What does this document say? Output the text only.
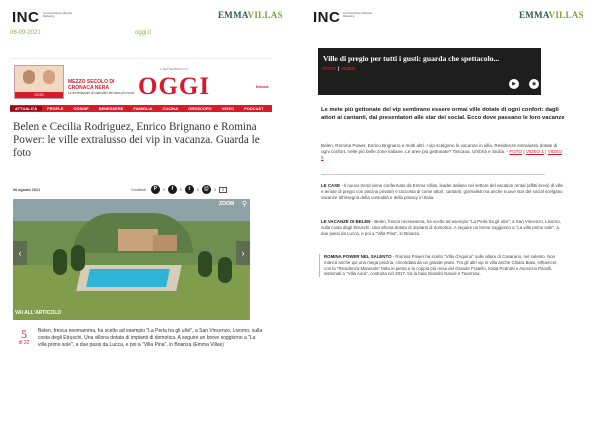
INC Comunicazione Influence Marketing	EMMAVILLAS
06-09-2021	oggi.it
OGGI
MEZZO SECOLO DI CRONACA NERA
Le archiviazioni di costruttivi del caso più nuovi
1 SETTEMBRE 2021
OGGI	Edicola
ATTUALITÀ	PEOPLE	GOSSIP	BENESSERE	FAMIGLIA	CUCINA	OROSCOPO	VIDEO	PODCAST
Belen e Cecilia Rodriguez, Enrico Brignano e Romina Power: le ville extralusso dei vip in vacanza. Guarda le foto
06 agosto 2021	Condividi	P	0	f	0	t	0	@	0	0
ZOOM ⚲
‹	›
VAI ALL'ARTICOLO
5
di 22
Belen, fresca neomamma, ha scelto ad esempio "La Perla tra gli ulivi", a San Vincenzo, Livorno, sulla costa degli Etruschi. Una villona dotata di impianti di domotica. A seguire un breve soggiorno a "La villa primo sole", a due passi da Lucca, e poi a "Villa Pina", in Brianza (Emma Villas)
INC Comunicazione Influence Marketing	EMMAVILLAS
Ville di pregio per tutti i gusti: guarda che spettacolo...
FOTO | VIDEO
▶	◉
Le mete più gettonate dei vip sembrano essere ormai ville dotate di ogni confort: dagli attori ai cantanti, dai presentatori alle star dei social. Ecco dove passano le loro vacanze
Belen, Romina Power, Enrico Brignano e molti altri. I vip scelgono le vacanze in villa. Residenze extralusso dotate di ogni confort, nelle più belle zone italiane. Le aree più gettonate? Toscana, Umbria e Sicilia. - FOTO | VIDEO 1 | VIDEO 2
LE CASE - Il nuovo trend viene confermato da Emma Villas, leader italiano nel settore del vacation rental (affitti brevi) di ville e tenute di pregio con piscina private) e racconta di come attori, cantanti, giornalisti ma anche nuove star del social scelgano vacanze all'insegna della comodità e della privacy in Italia.
LE VACANZE DI BELEN - Belen, fresca neomamma, ha scelto ad esempio "La Perla tra gli ulivi", a San Vincenzo, Livorno, sulla costa degli Etruschi. Una villona dotata di impianti di domotica. A seguire un breve soggiorno a "La villa primo sole", a due passi da Lucca, e poi a "Villa Pina", in Brianza.
ROMINA POWER NEL SALENTO - Romina Power ha scelto "Villa d'Aquino" sulle alture di Casarano, nel salento. Non manca anche qui una mega piscina, circondata da un grande prato. Tra gli altri vip in villa anche Chiara Biasi, influencer, con la "Residenza Marasole" fatta in pietra e la coppia più reisa del Grande Fratello, Katia Pedrotti e Ascenzio Pacelli, sistemati a "Villa Aura", costruita nel 2017, tra la baia Giardini Naxos e Taormina.
